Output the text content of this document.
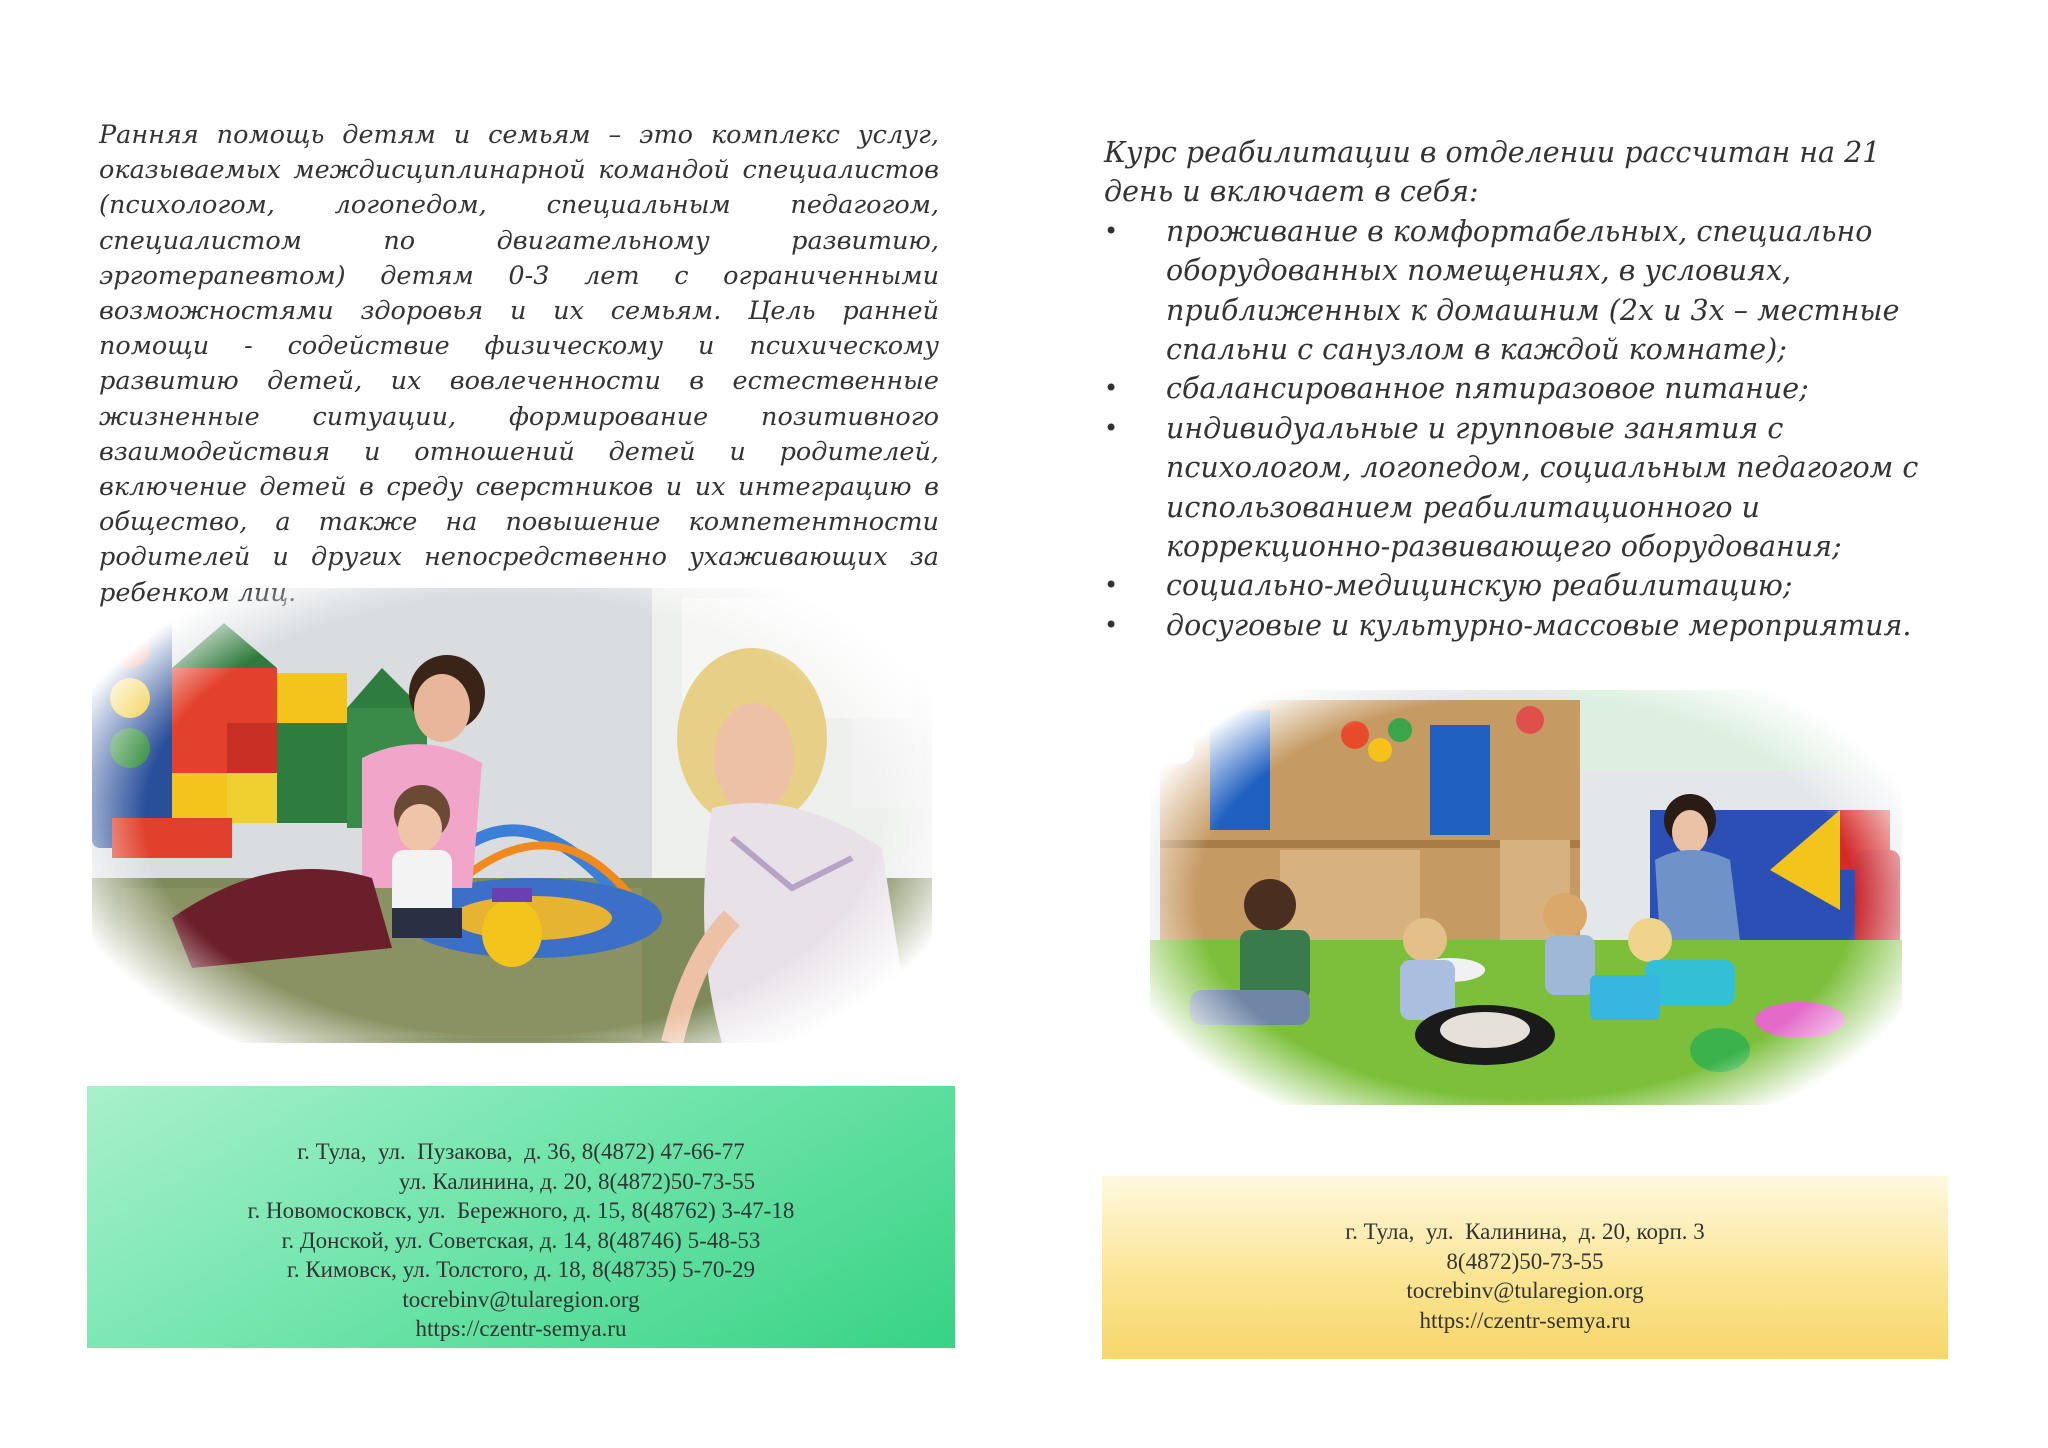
Ранняя помощь детям и семьям – это комплекс услуг, оказываемых междисциплинарной командой специалистов (психологом, логопедом, специальным педагогом, специалистом по двигательному развитию, эрготерапевтом) детям 0-3 лет с ограниченными возможностями здоровья и их семьям. Цель ранней помощи - содействие физическому и психическому развитию детей, их вовлеченности в естественные жизненные ситуации, формирование позитивного взаимодействия и отношений детей и родителей, включение детей в среду сверстников и их интеграцию в общество, а также на повышение компетентности родителей и других непосредственно ухаживающих за
г. Тула,  ул.  Пузакова,  д. 36, 8(4872) 47-66-77
ул. Калинина, д. 20, 8(4872)50-73-55
г. Новомосковск, ул.  Бережного, д. 15, 8(48762) 3-47-18
г. Донской, ул. Советская, д. 14, 8(48746) 5-48-53
г. Кимовск, ул. Толстого, д. 18, 8(48735) 5-70-29
tocrebinv@tularegion.org
https://czentr-semya.ru
Курс реабилитации в отделении рассчитан на 21 день и включает в себя:
• проживание в комфортабельных, специально оборудованных помещениях, в условиях, приближенных к домашним (2х и 3х – местные спальни с санузлом в каждой комнате);
• сбалансированное пятиразовое питание;
• индивидуальные и групповые занятия с психологом, логопедом, социальным педагогом с использованием реабилитационного и коррекционно-развивающего оборудования;
• социально-медицинскую реабилитацию;
• досуговые и культурно-массовые мероприятия.
г. Тула,  ул.  Калинина,  д. 20, корп. 3
8(4872)50-73-55
tocrebinv@tularegion.org
https://czentr-semya.ru
